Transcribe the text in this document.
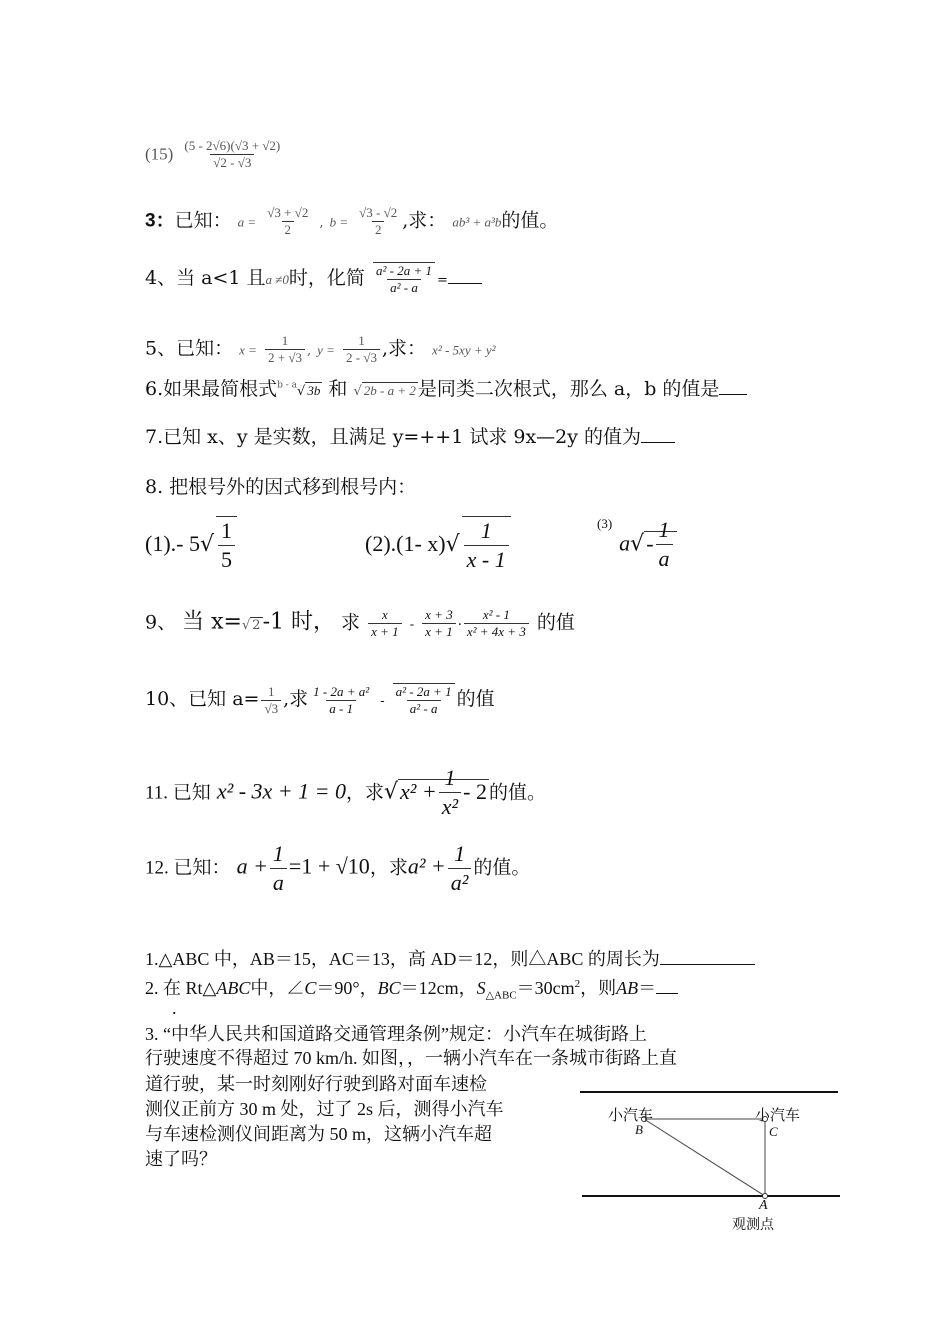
$(15) \frac{(5 - 2√6)(√3 + √2)}{√2 - √3}$
3：已知： $a = \frac{√3 + √2}{2}$ , $b = \frac{√3 - √2}{2}$ ,求： ab³ + a³b的值。
4、当 a<1 且a ≠0时，化简 $\frac{\text{a² - 2a + 1}}{\text{a² - a}}$ =
5、已知： $x = \frac{1}{2 + √3}$ , $y = \frac{1}{2 - √3}$ ,求： x² - 5xy + y²
6.如果最简根式$^{b - a}$√ 3b 和 √ 2b - a + 2 是同类二次根式，那么 a，b 的值是
7.已知 x、y 是实数，且满足 y=++1 试求 9x—2y 的值为
8. 把根号外的因式移到根号内：
(1).- $5√ \frac{1}{5}$	(2).(1- $x)√ \frac{1}{x - 1}$	$^{(3)}$ $a√- \frac{1}{a}$
9、 当 x=√ 2-1 时， 求 $\frac{x}{x + 1} - \frac{x + 3}{x + 1} \cdot \frac{\text{x² - 1}}{\text{x² + 4x + 3}}$ 的值
10、已知 $a= \frac{1}{√3}$ ,求 $\frac{\text{1 - 2a + a²}}{a - 1} - \frac{\text{a² - 2a + 1}}{\text{a² - a}}$ 的值
11. 已知 x² - 3x + 1 = 0，求$√x^2 + \frac{1}{\text{x²}} - 2$ 的值。
12. 已知： $a + \frac{1}{a} =1 + √10$，求$a^2 + \frac{1}{\text{a²}}$ 的值。
1.△ABC 中，AB＝15，AC＝13，高 AD＝12，则△ABC 的周长为
2. 在 Rt△ABC中，∠C＝90°，BC＝12cm，$S_{\triangle ABC}=30cm^2$，则AB＝
.
3. “中华人民共和国道路交通管理条例”规定：小汽车在城街路上
行驶速度不得超过 70 km/h. 如图，，一辆小汽车在一条城市街路上直
道行驶，某一时刻刚好行驶到路对面车速检
测仪正前方 30 m 处，过了 2s 后，测得小汽车
与车速检测仪间距离为 50 m，这辆小汽车超
速了吗？
小汽车
B
小汽车
C
A
观测点
